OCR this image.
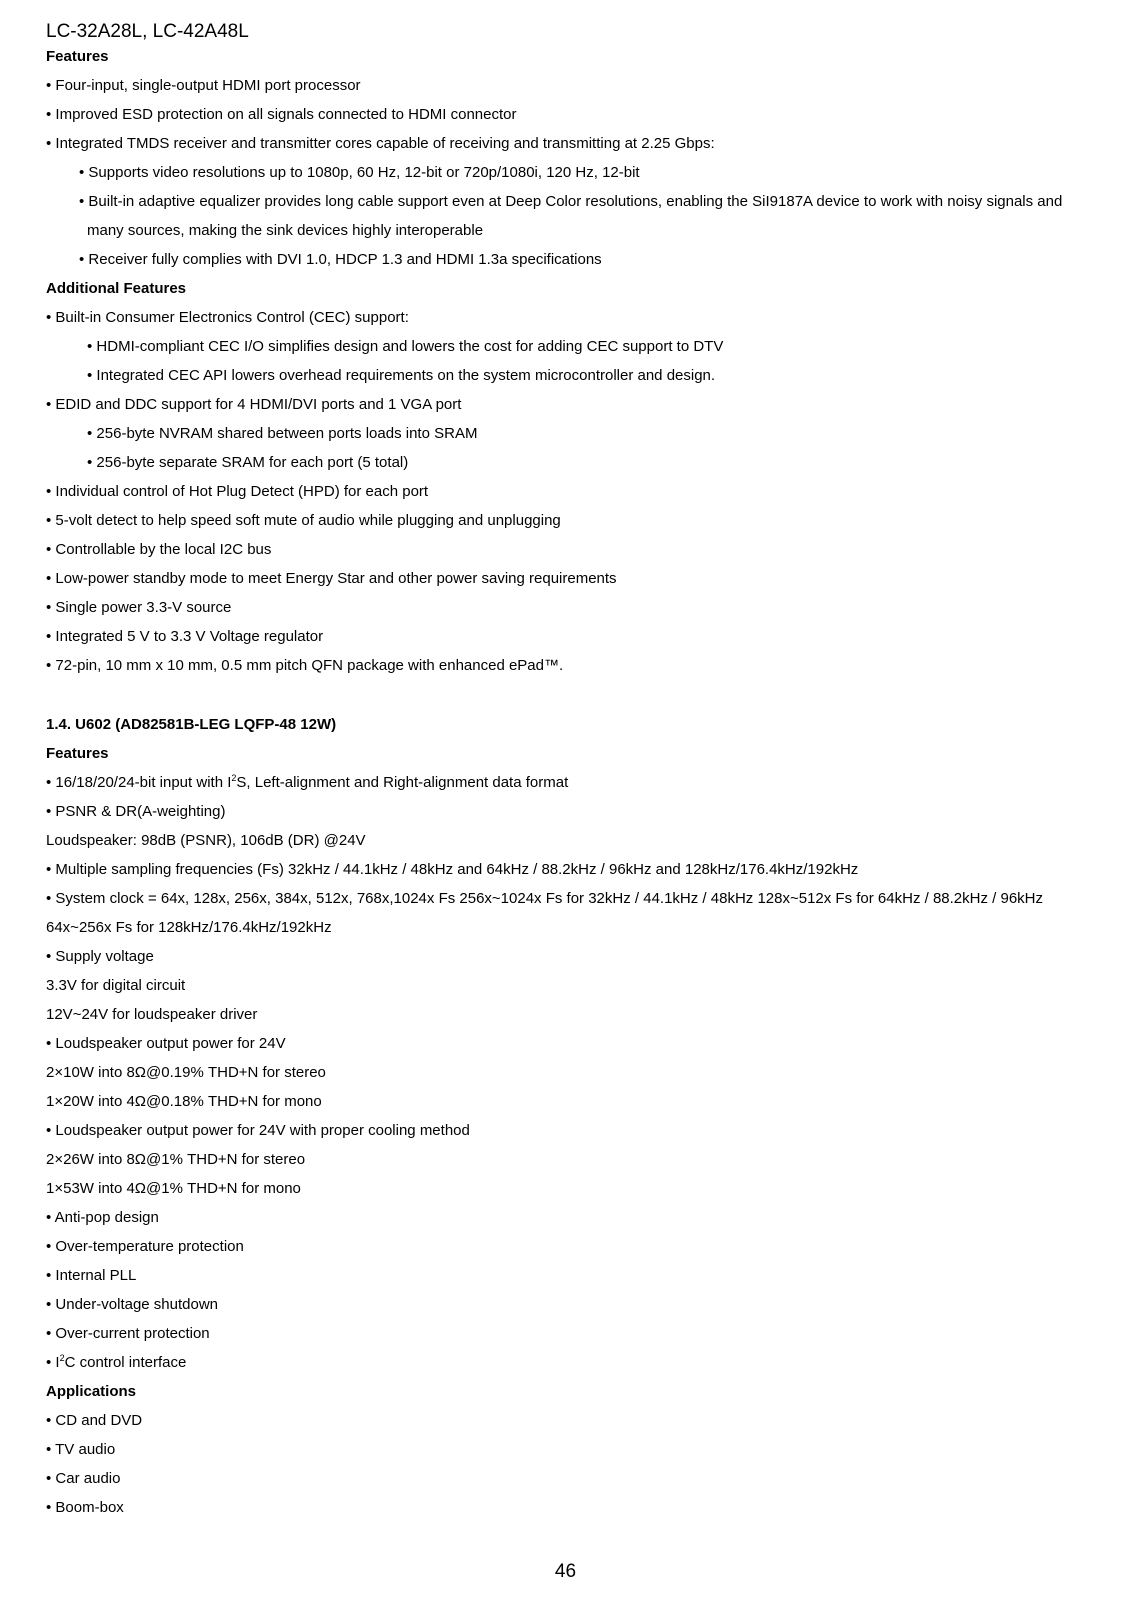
LC-32A28L, LC-42A48L
Features
• Four-input, single-output HDMI port processor
• Improved ESD protection on all signals connected to HDMI connector
• Integrated TMDS receiver and transmitter cores capable of receiving and transmitting at 2.25 Gbps:
• Supports video resolutions up to 1080p, 60 Hz, 12-bit or 720p/1080i, 120 Hz, 12-bit
• Built-in adaptive equalizer provides long cable support even at Deep Color resolutions, enabling the SiI9187A device to work with noisy signals and
many sources, making the sink devices highly interoperable
• Receiver fully complies with DVI 1.0, HDCP 1.3 and HDMI 1.3a specifications
Additional Features
• Built-in Consumer Electronics Control (CEC) support:
• HDMI-compliant CEC I/O simplifies design and lowers the cost for adding CEC support to DTV
• Integrated CEC API lowers overhead requirements on the system microcontroller and design.
• EDID and DDC support for 4 HDMI/DVI ports and 1 VGA port
• 256-byte NVRAM shared between ports loads into SRAM
• 256-byte separate SRAM for each port (5 total)
• Individual control of Hot Plug Detect (HPD) for each port
• 5-volt detect to help speed soft mute of audio while plugging and unplugging
• Controllable by the local I2C bus
• Low-power standby mode to meet Energy Star and other power saving requirements
• Single power 3.3-V source
• Integrated 5 V to 3.3 V Voltage regulator
• 72-pin, 10 mm x 10 mm, 0.5 mm pitch QFN package with enhanced ePad™.
1.4. U602 (AD82581B-LEG LQFP-48 12W)
Features
• 16/18/20/24-bit input with $I^2S$, Left-alignment and Right-alignment data format
• PSNR & DR(A-weighting)
Loudspeaker: 98dB (PSNR), 106dB (DR) @24V
• Multiple sampling frequencies (Fs) 32kHz / 44.1kHz / 48kHz and 64kHz / 88.2kHz / 96kHz and 128kHz/176.4kHz/192kHz
• System clock = 64x, 128x, 256x, 384x, 512x, 768x,1024x Fs 256x~1024x Fs for 32kHz / 44.1kHz / 48kHz 128x~512x Fs for 64kHz / 88.2kHz / 96kHz
64x~256x Fs for 128kHz/176.4kHz/192kHz
• Supply voltage
3.3V for digital circuit
12V~24V for loudspeaker driver
• Loudspeaker output power for 24V
2×10W into 8Ω@0.19% THD+N for stereo
1×20W into 4Ω@0.18% THD+N for mono
• Loudspeaker output power for 24V with proper cooling method
2×26W into 8Ω@1% THD+N for stereo
1×53W into 4Ω@1% THD+N for mono
• Anti-pop design
• Over-temperature protection
• Internal PLL
• Under-voltage shutdown
• Over-current protection
• $I^2C$ control interface
Applications
• CD and DVD
• TV audio
• Car audio
• Boom-box
46
